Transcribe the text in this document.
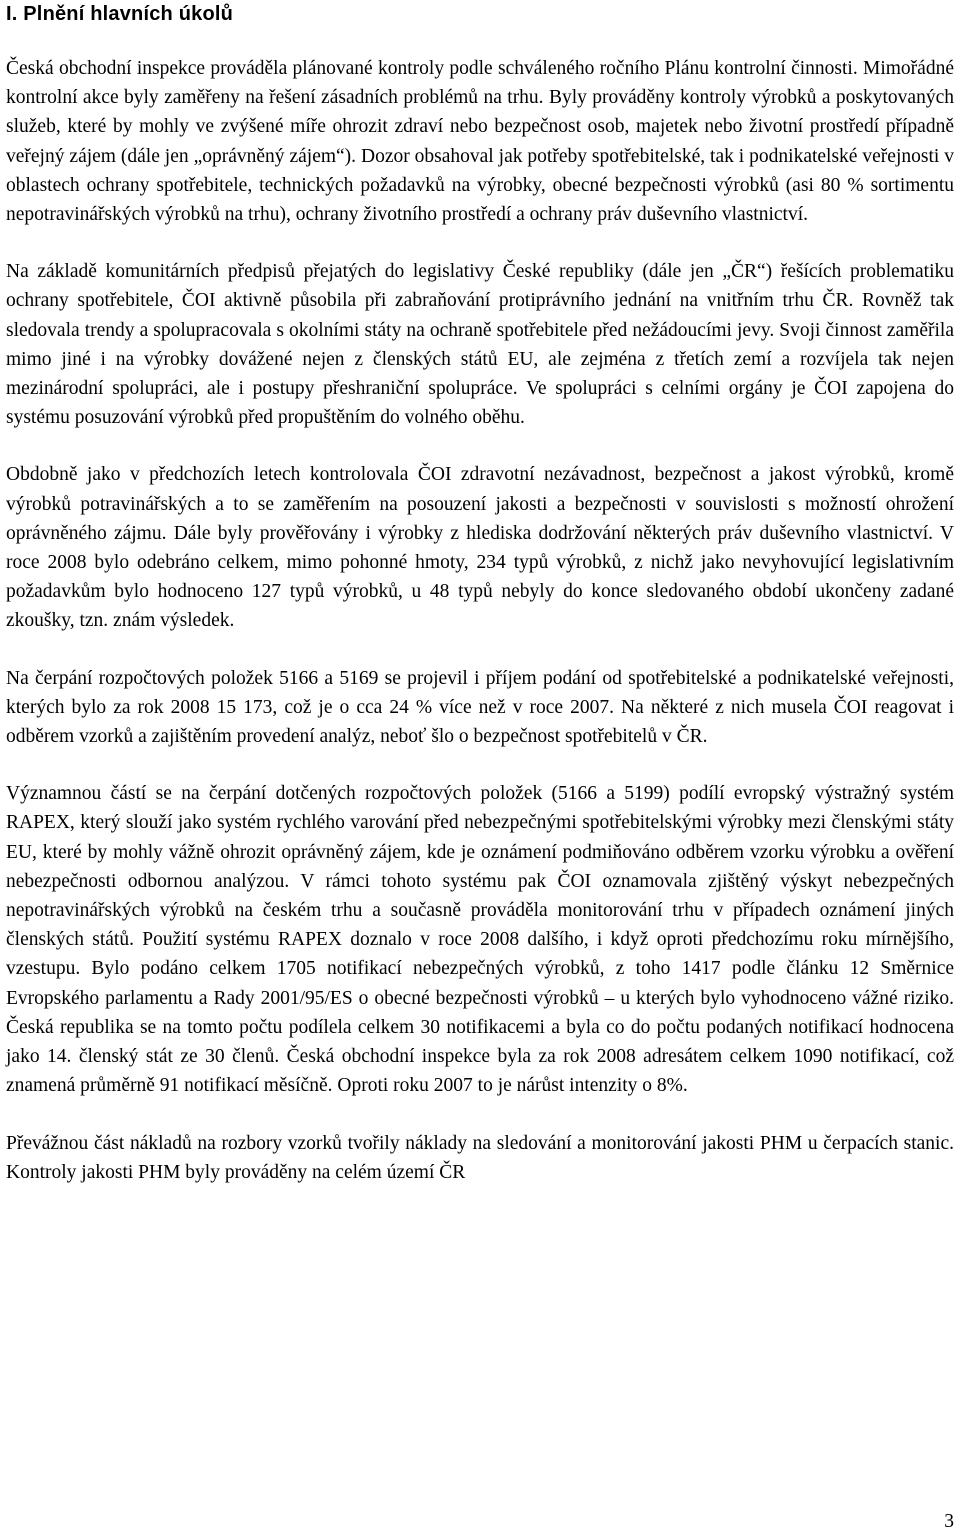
I. Plnění hlavních úkolů

Česká obchodní inspekce prováděla plánované kontroly podle schváleného ročního Plánu kontrolní činnosti. Mimořádné kontrolní akce byly zaměřeny na řešení zásadních problémů na trhu. Byly prováděny kontroly výrobků a poskytovaných služeb, které by mohly ve zvýšené míře ohrozit zdraví nebo bezpečnost osob, majetek nebo životní prostředí případně veřejný zájem (dále jen „oprávněný zájem“). Dozor obsahoval jak potřeby spotřebitelské, tak i podnikatelské veřejnosti v oblastech ochrany spotřebitele, technických požadavků na výrobky, obecné bezpečnosti výrobků (asi 80 % sortimentu nepotravinářských výrobků na trhu), ochrany životního prostředí a ochrany práv duševního vlastnictví.

Na základě komunitárních předpisů přejatých do legislativy České republiky (dále jen „ČR“) řešících problematiku ochrany spotřebitele, ČOI aktivně působila při zabraňování protiprávního jednání na vnitřním trhu ČR. Rovněž tak sledovala trendy a spolupracovala s okolními státy na ochraně spotřebitele před nežádoucími jevy. Svoji činnost zaměřila mimo jiné i na výrobky dovážené nejen z členských států EU, ale zejména z třetích zemí a rozvíjela tak nejen mezinárodní spolupráci, ale i postupy přeshraniční spolupráce. Ve spolupráci s celními orgány je ČOI zapojena do systému posuzování výrobků před propuštěním do volného oběhu.

Obdobně jako v předchozích letech kontrolovala ČOI zdravotní nezávadnost, bezpečnost a jakost výrobků, kromě výrobků potravinářských a to se zaměřením na posouzení jakosti a bezpečnosti v souvislosti s možností ohrožení oprávněného zájmu. Dále byly prověřovány i výrobky z hlediska dodržování některých práv duševního vlastnictví. V roce 2008 bylo odebráno celkem, mimo pohonné hmoty, 234 typů výrobků, z nichž jako nevyhovující legislativním požadavkům bylo hodnoceno 127 typů výrobků, u 48 typů nebyly do konce sledovaného období ukončeny zadané zkoušky, tzn. znám výsledek.

Na čerpání rozpočtových položek 5166 a 5169 se projevil i příjem podání od spotřebitelské a podnikatelské veřejnosti, kterých bylo za rok 2008 15 173, což je o cca 24 % více než v roce 2007. Na některé z nich musela ČOI reagovat i odběrem vzorků a zajištěním provedení analýz, neboť šlo o bezpečnost spotřebitelů v ČR.

Významnou částí se na čerpání dotčených rozpočtových položek (5166 a 5199) podílí evropský výstražný systém RAPEX, který slouží jako systém rychlého varování před nebezpečnými spotřebitelskými výrobky mezi členskými státy EU, které by mohly vážně ohrozit oprávněný zájem, kde je oznámení podmiňováno odběrem vzorku výrobku a ověření nebezpečnosti odbornou analýzou. V rámci tohoto systému pak ČOI oznamovala zjištěný výskyt nebezpečných nepotravinářských výrobků na českém trhu a současně prováděla monitorování trhu v případech oznámení jiných členských států. Použití systému RAPEX doznalo v roce 2008 dalšího, i když oproti předchozímu roku mírnějšího, vzestupu. Bylo podáno celkem 1705 notifikací nebezpečných výrobků, z toho 1417 podle článku 12 Směrnice Evropského parlamentu a Rady 2001/95/ES o obecné bezpečnosti výrobků – u kterých bylo vyhodnoceno vážné riziko. Česká republika se na tomto počtu podílela celkem 30 notifikacemi a byla co do počtu podaných notifikací hodnocena jako 14. členský stát ze 30 členů. Česká obchodní inspekce byla za rok 2008 adresátem celkem 1090 notifikací, což znamená průměrně 91 notifikací měsíčně. Oproti roku 2007 to je nárůst intenzity o 8%.

Převážnou část nákladů na rozbory vzorků tvořily náklady na sledování a monitorování jakosti PHM u čerpacích stanic. Kontroly jakosti PHM byly prováděny na celém území ČR

3
